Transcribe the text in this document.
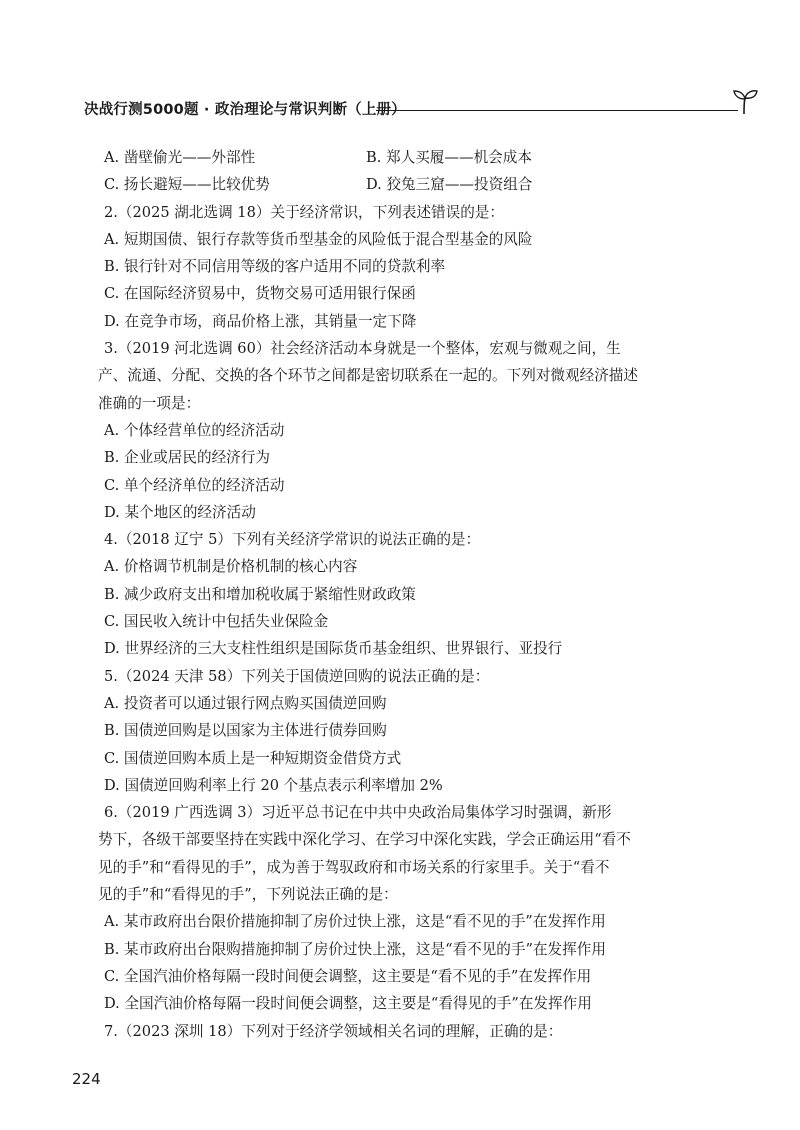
决战行测5000题 · 政治理论与常识判断（上册）
A. 凿壁偷光——外部性	B. 郑人买履——机会成本
C. 扬长避短——比较优势	D. 狡兔三窟——投资组合
2.（2025 湖北选调 18）关于经济常识，下列表述错误的是：
A. 短期国债、银行存款等货币型基金的风险低于混合型基金的风险
B. 银行针对不同信用等级的客户适用不同的贷款利率
C. 在国际经济贸易中，货物交易可适用银行保函
D. 在竞争市场，商品价格上涨，其销量一定下降
3.（2019 河北选调 60）社会经济活动本身就是一个整体，宏观与微观之间，生
产、流通、分配、交换的各个环节之间都是密切联系在一起的。下列对微观经济描述
准确的一项是：
A. 个体经营单位的经济活动
B. 企业或居民的经济行为
C. 单个经济单位的经济活动
D. 某个地区的经济活动
4.（2018 辽宁 5）下列有关经济学常识的说法正确的是：
A. 价格调节机制是价格机制的核心内容
B. 减少政府支出和增加税收属于紧缩性财政政策
C. 国民收入统计中包括失业保险金
D. 世界经济的三大支柱性组织是国际货币基金组织、世界银行、亚投行
5.（2024 天津 58）下列关于国债逆回购的说法正确的是：
A. 投资者可以通过银行网点购买国债逆回购
B. 国债逆回购是以国家为主体进行债券回购
C. 国债逆回购本质上是一种短期资金借贷方式
D. 国债逆回购利率上行 20 个基点表示利率增加 2%
6.（2019 广西选调 3）习近平总书记在中共中央政治局集体学习时强调，新形
势下，各级干部要坚持在实践中深化学习、在学习中深化实践，学会正确运用“看不
见的手”和“看得见的手”，成为善于驾驭政府和市场关系的行家里手。关于“看不
见的手”和“看得见的手”，下列说法正确的是：
A. 某市政府出台限价措施抑制了房价过快上涨，这是“看不见的手”在发挥作用
B. 某市政府出台限购措施抑制了房价过快上涨，这是“看不见的手”在发挥作用
C. 全国汽油价格每隔一段时间便会调整，这主要是“看不见的手”在发挥作用
D. 全国汽油价格每隔一段时间便会调整，这主要是“看得见的手”在发挥作用
7.（2023 深圳 18）下列对于经济学领域相关名词的理解，正确的是：
224
